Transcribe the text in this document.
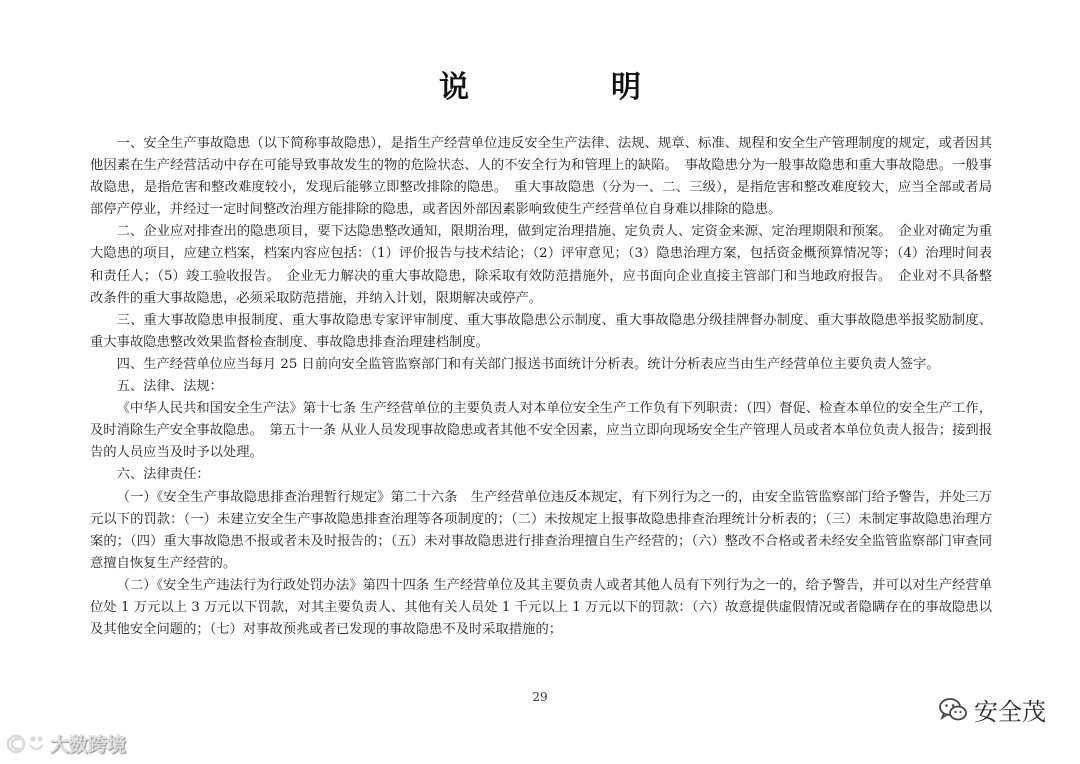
说　明

一、安全生产事故隐患（以下简称事故隐患），是指生产经营单位违反安全生产法律、法规、规章、标准、规程和安全生产管理制度的规定，或者因其他因素在生产经营活动中存在可能导致事故发生的物的危险状态、人的不安全行为和管理上的缺陷。　事故隐患分为一般事故隐患和重大事故隐患。一般事故隐患，是指危害和整改难度较小，发现后能够立即整改排除的隐患。　重大事故隐患（分为一、二、三级），是指危害和整改难度较大，应当全部或者局部停产停业，并经过一定时间整改治理方能排除的隐患，或者因外部因素影响致使生产经营单位自身难以排除的隐患。

二、企业应对排查出的隐患项目，要下达隐患整改通知，限期治理，做到定治理措施、定负责人、定资金来源、定治理期限和预案。　企业对确定为重大隐患的项目，应建立档案，档案内容应包括：（1）评价报告与技术结论；（2）评审意见；（3）隐患治理方案，包括资金概预算情况等；（4）治理时间表和责任人；（5）竣工验收报告。　企业无力解决的重大事故隐患，除采取有效防范措施外，应书面向企业直接主管部门和当地政府报告。　企业对不具备整改条件的重大事故隐患，必须采取防范措施，并纳入计划，限期解决或停产。

三、重大事故隐患申报制度、重大事故隐患专家评审制度、重大事故隐患公示制度、重大事故隐患分级挂牌督办制度、重大事故隐患举报奖励制度、重大事故隐患整改效果监督检查制度、事故隐患排查治理建档制度。

四、生产经营单位应当每月 25 日前向安全监管监察部门和有关部门报送书面统计分析表。统计分析表应当由生产经营单位主要负责人签字。

五、法律、法规：

《中华人民共和国安全生产法》第十七条 生产经营单位的主要负责人对本单位安全生产工作负有下列职责：（四）督促、检查本单位的安全生产工作，及时消除生产安全事故隐患。　第五十一条 从业人员发现事故隐患或者其他不安全因素，应当立即向现场安全生产管理人员或者本单位负责人报告；接到报告的人员应当及时予以处理。

六、法律责任：

（一）《安全生产事故隐患排查治理暂行规定》第二十六条　生产经营单位违反本规定，有下列行为之一的，由安全监管监察部门给予警告，并处三万元以下的罚款：（一）未建立安全生产事故隐患排查治理等各项制度的；（二）未按规定上报事故隐患排查治理统计分析表的；（三）未制定事故隐患治理方案的；（四）重大事故隐患不报或者未及时报告的；（五）未对事故隐患进行排查治理擅自生产经营的；（六）整改不合格或者未经安全监管监察部门审查同意擅自恢复生产经营的。

（二）《安全生产违法行为行政处罚办法》第四十四条 生产经营单位及其主要负责人或者其他人员有下列行为之一的，给予警告，并可以对生产经营单位处 1 万元以上 3 万元以下罚款，对其主要负责人、其他有关人员处 1 千元以上 1 万元以下的罚款：（六）故意提供虚假情况或者隐瞒存在的事故隐患以及其他安全问题的；（七）对事故预兆或者已发现的事故隐患不及时采取措施的；

29
大数跨境
安全茂
